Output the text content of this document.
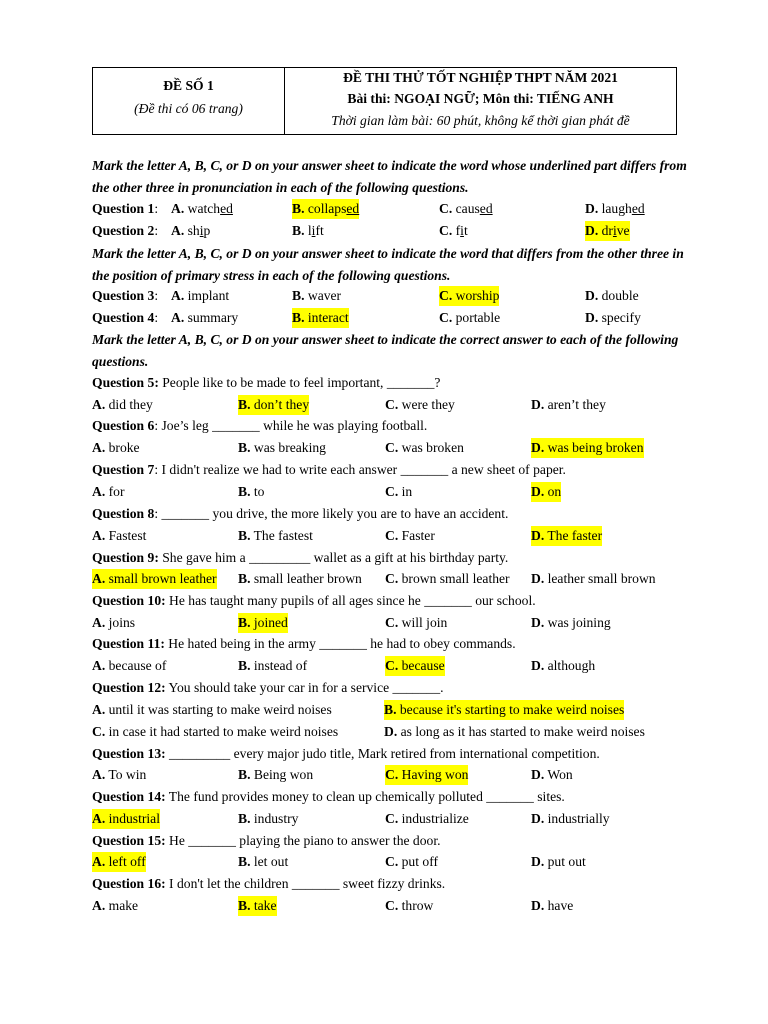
ĐỀ SỐ 1
(Đề thi có 06 trang)
ĐỀ THI THỬ TỐT NGHIỆP THPT NĂM 2021
Bài thi: NGOẠI NGỮ; Môn thi: TIẾNG ANH
Thời gian làm bài: 60 phút, không kể thời gian phát đề
Mark the letter A, B, C, or D on your answer sheet to indicate the word whose underlined part differs from the other three in pronunciation in each of the following questions.
Question 1: A. watched	B. collapsed	C. caused	D. laughed
Question 2: A. ship	B. lift	C. fit	D. drive
Mark the letter A, B, C, or D on your answer sheet to indicate the word that differs from the other three in the position of primary stress in each of the following questions.
Question 3: A. implant	B. waver	C. worship	D. double
Question 4: A. summary	B. interact	C. portable	D. specify
Mark the letter A, B, C, or D on your answer sheet to indicate the correct answer to each of the following questions.
Question 5: People like to be made to feel important, _______?
A. did they	B. don’t they	C. were they	D. aren’t they
Question 6: Joe’s leg _______ while he was playing football.
A. broke	B. was breaking	C. was broken	D. was being broken
Question 7: I didn't realize we had to write each answer _______ a new sheet of paper.
A. for	B. to	C. in	D. on
Question 8: _______ you drive, the more likely you are to have an accident.
A. Fastest	B. The fastest	C. Faster	D. The faster
Question 9: She gave him a _________ wallet as a gift at his birthday party.
A. small brown leather B. small leather brown C. brown small leather D. leather small brown
Question 10: He has taught many pupils of all ages since he _______ our school.
A. joins	B. joined	C. will join	D. was joining
Question 11: He hated being in the army _______ he had to obey commands.
A. because of	B. instead of	C. because	D. although
Question 12: You should take your car in for a service _______.
A. until it was starting to make weird noises	B. because it's starting to make weird noises
C. in case it had started to make weird noises	D. as long as it has started to make weird noises
Question 13: _________ every major judo title, Mark retired from international competition.
A. To win	B. Being won	C. Having won	D. Won
Question 14: The fund provides money to clean up chemically polluted _______ sites.
A. industrial	B. industry	C. industrialize	D. industrially
Question 15: He _______ playing the piano to answer the door.
A. left off	B. let out	C. put off	D. put out
Question 16: I don't let the children _______ sweet fizzy drinks.
A. make	B. take	C. throw	D. have
